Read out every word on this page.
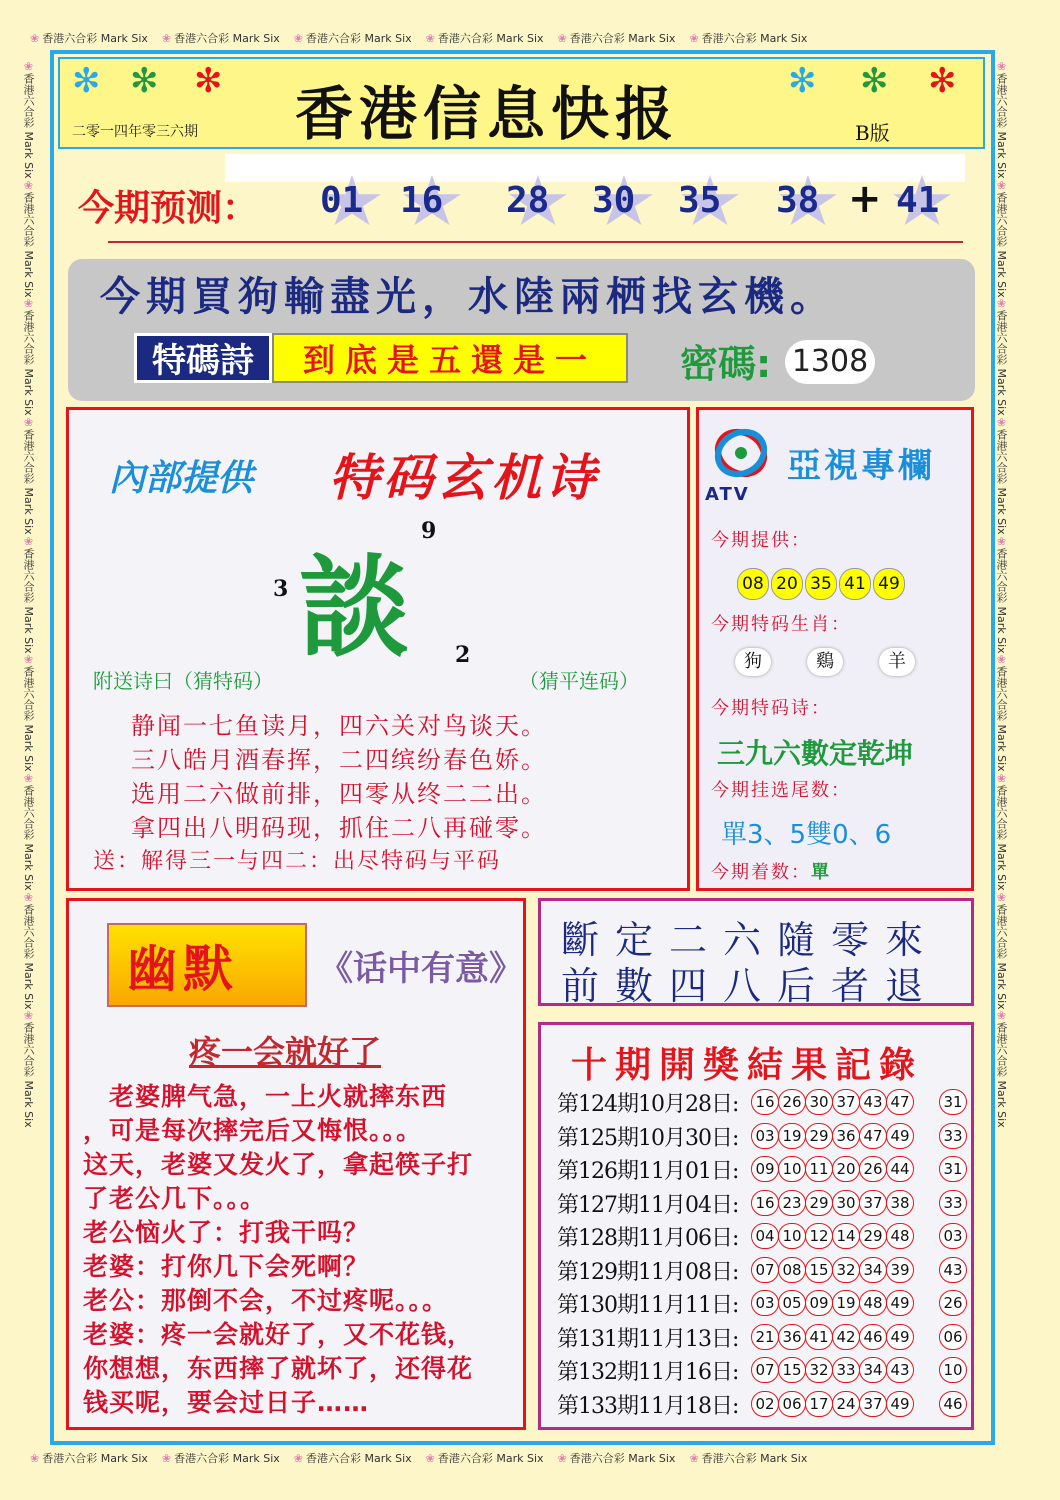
❀ 香港六合彩 Mark Six ❀ 香港六合彩 Mark Six ❀ 香港六合彩 Mark Six ❀ 香港六合彩 Mark Six ❀ 香港六合彩 Mark Six ❀ 香港六合彩 Mark Six
❀ 香港六合彩 Mark Six ❀ 香港六合彩 Mark Six ❀ 香港六合彩 Mark Six ❀ 香港六合彩 Mark Six ❀ 香港六合彩 Mark Six ❀ 香港六合彩 Mark Six
❀香港六合彩 Mark Six❀香港六合彩 Mark Six❀香港六合彩 Mark Six❀香港六合彩 Mark Six❀香港六合彩 Mark Six❀香港六合彩 Mark Six❀香港六合彩 Mark Six❀香港六合彩 Mark Six❀香港六合彩 Mark Six
❀香港六合彩 Mark Six❀香港六合彩 Mark Six❀香港六合彩 Mark Six❀香港六合彩 Mark Six❀香港六合彩 Mark Six❀香港六合彩 Mark Six❀香港六合彩 Mark Six❀香港六合彩 Mark Six❀香港六合彩 Mark Six
✻ ✻ ✻	✻ ✻ ✻
二零一四年零三六期 香港信息快报	B版
今期预测： 01 16 28 30 35 38 41
+
今期買狗輸盡光，水陸兩栖找玄機。
特碼詩	到底是五還是一	密碼: 1308
內部提供 特码玄机诗
談
9
3
2
附送诗曰（猜特码）	（猜平连码）
静闻一七鱼读月，四六关对鸟谈天。
三八皓月酒春挥，二四缤纷春色娇。
选用二六做前排，四零从终二二出。
拿四出八明码现，抓住二八再碰零。
送：解得三一与四二：出尽特码与平码
ATV
亞視專欄
今期提供：
08 20 35 41 49
今期特码生肖：
狗	鷄	羊
今期特码诗：
三九六數定乾坤
今期挂选尾数：
單3、5雙0、6
今期着数：單
幽默 《话中有意》
疼一会就好了
　老婆脾气急，一上火就摔东西
，可是每次摔完后又悔恨。。。
这天，老婆又发火了，拿起筷子打
了老公几下。。。
老公恼火了：打我干吗？
老婆：打你几下会死啊？
老公：那倒不会，不过疼呢。。。
老婆：疼一会就好了，又不花钱，
你想想，东西摔了就坏了，还得花
钱买呢，要会过日子……
斷定二六隨零來
前數四八后者退
十期開獎結果記錄
第124期10月28日: 16 26 30 37 43 47 31
第125期10月30日: 03 19 29 36 47 49 33
第126期11月01日: 09 10 11 20 26 44 31
第127期11月04日: 16 23 29 30 37 38 33
第128期11月06日: 04 10 12 14 29 48 03
第129期11月08日: 07 08 15 32 34 39 43
第130期11月11日: 03 05 09 19 48 49 26
第131期11月13日: 21 36 41 42 46 49 06
第132期11月16日: 07 15 32 33 34 43 10
第133期11月18日: 02 06 17 24 37 49 46
